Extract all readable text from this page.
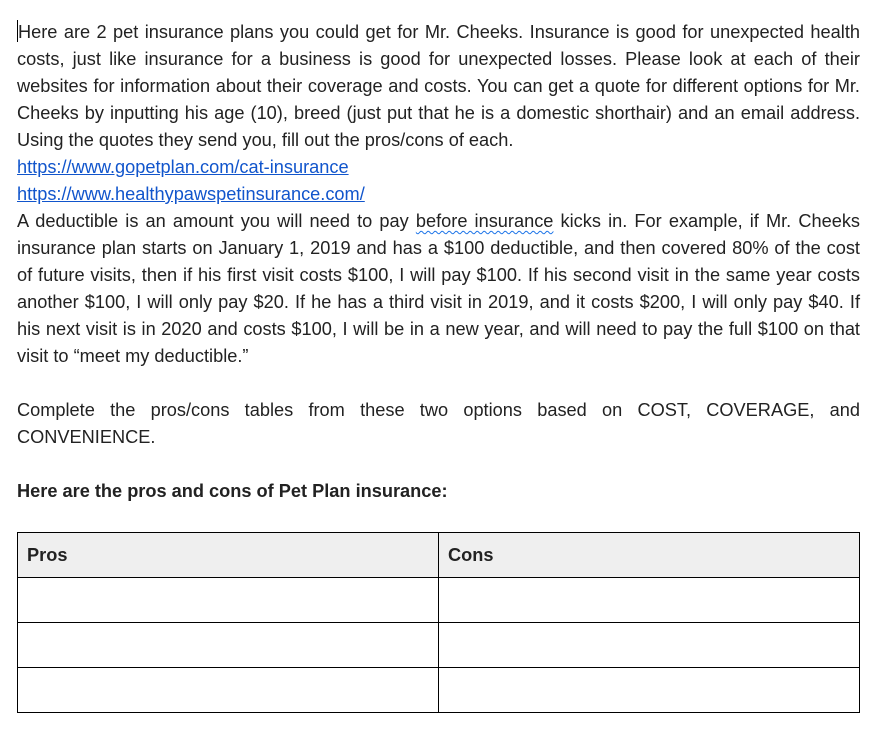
Here are 2 pet insurance plans you could get for Mr. Cheeks. Insurance is good for unexpected health costs, just like insurance for a business is good for unexpected losses. Please look at each of their websites for information about their coverage and costs. You can get a quote for different options for Mr. Cheeks by inputting his age (10), breed (just put that he is a domestic shorthair) and an email address. Using the quotes they send you, fill out the pros/cons of each.

https://www.gopetplan.com/cat-insurance
https://www.healthypawspetinsurance.com/

A deductible is an amount you will need to pay before insurance kicks in. For example, if Mr. Cheeks insurance plan starts on January 1, 2019 and has a $100 deductible, and then covered 80% of the cost of future visits, then if his first visit costs $100, I will pay $100. If his second visit in the same year costs another $100, I will only pay $20. If he has a third visit in 2019, and it costs $200, I will only pay $40. If his next visit is in 2020 and costs $100, I will be in a new year, and will need to pay the full $100 on that visit to “meet my deductible.”

Complete the pros/cons tables from these two options based on COST, COVERAGE, and CONVENIENCE.

Here are the pros and cons of Pet Plan insurance:

Pros	Cons
